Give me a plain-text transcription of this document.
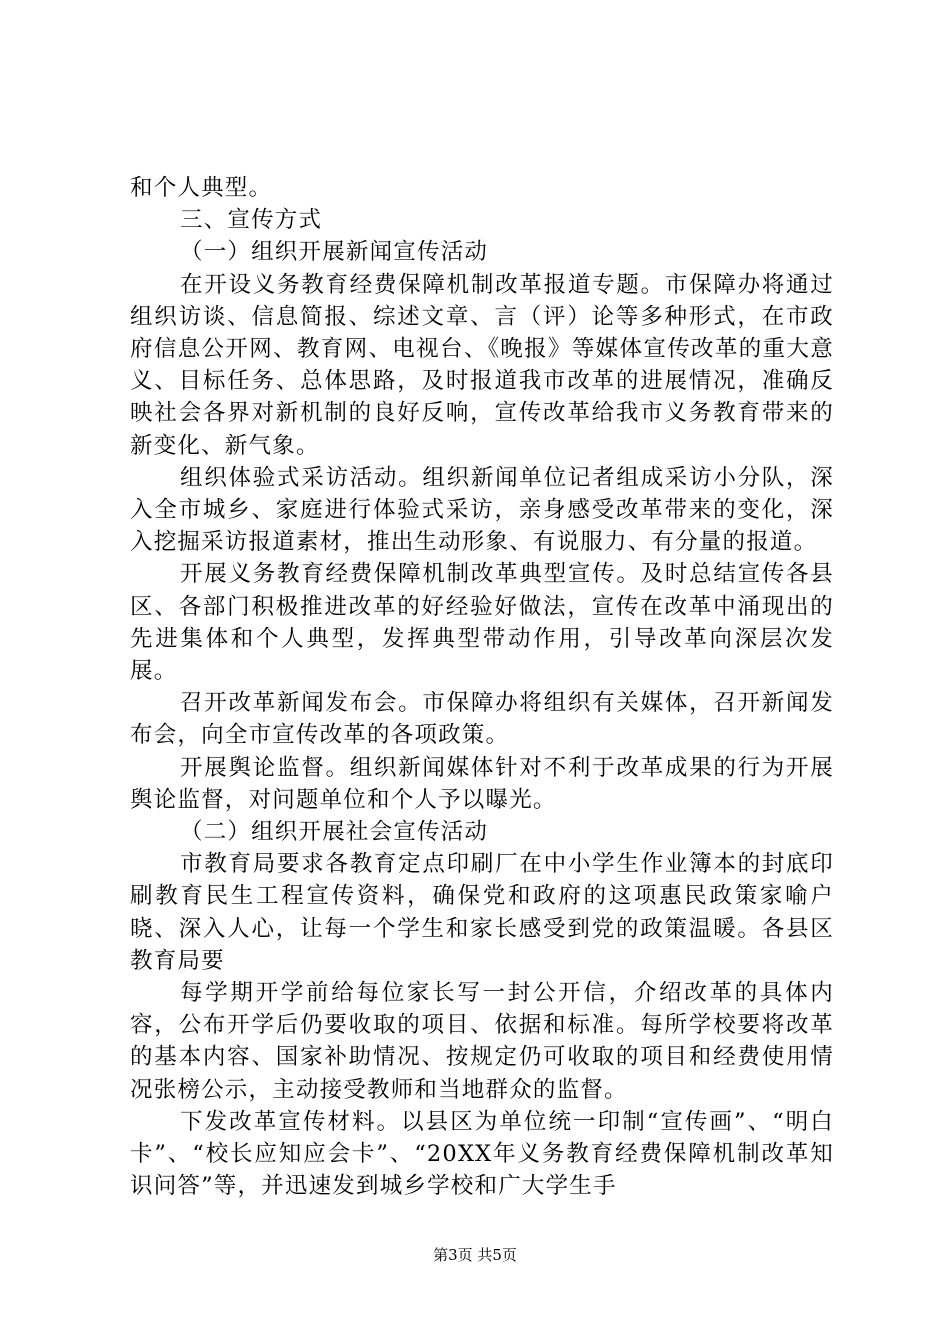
和个人典型。

三、宣传方式

（一）组织开展新闻宣传活动

在开设义务教育经费保障机制改革报道专题。市保障办将通过组织访谈、信息简报、综述文章、言（评）论等多种形式，在市政府信息公开网、教育网、电视台、《晚报》等媒体宣传改革的重大意义、目标任务、总体思路，及时报道我市改革的进展情况，准确反映社会各界对新机制的良好反响，宣传改革给我市义务教育带来的新变化、新气象。

组织体验式采访活动。组织新闻单位记者组成采访小分队，深入全市城乡、家庭进行体验式采访，亲身感受改革带来的变化，深入挖掘采访报道素材，推出生动形象、有说服力、有分量的报道。

开展义务教育经费保障机制改革典型宣传。及时总结宣传各县区、各部门积极推进改革的好经验好做法，宣传在改革中涌现出的先进集体和个人典型，发挥典型带动作用，引导改革向深层次发展。

召开改革新闻发布会。市保障办将组织有关媒体，召开新闻发布会，向全市宣传改革的各项政策。

开展舆论监督。组织新闻媒体针对不利于改革成果的行为开展舆论监督，对问题单位和个人予以曝光。

（二）组织开展社会宣传活动

市教育局要求各教育定点印刷厂在中小学生作业簿本的封底印刷教育民生工程宣传资料，确保党和政府的这项惠民政策家喻户晓、深入人心，让每一个学生和家长感受到党的政策温暖。各县区教育局要

每学期开学前给每位家长写一封公开信，介绍改革的具体内容，公布开学后仍要收取的项目、依据和标准。每所学校要将改革的基本内容、国家补助情况、按规定仍可收取的项目和经费使用情况张榜公示，主动接受教师和当地群众的监督。

下发改革宣传材料。以县区为单位统一印制“宣传画”、“明白卡”、“校长应知应会卡”、“20XX年义务教育经费保障机制改革知识问答”等，并迅速发到城乡学校和广大学生手

第3页 共5页
